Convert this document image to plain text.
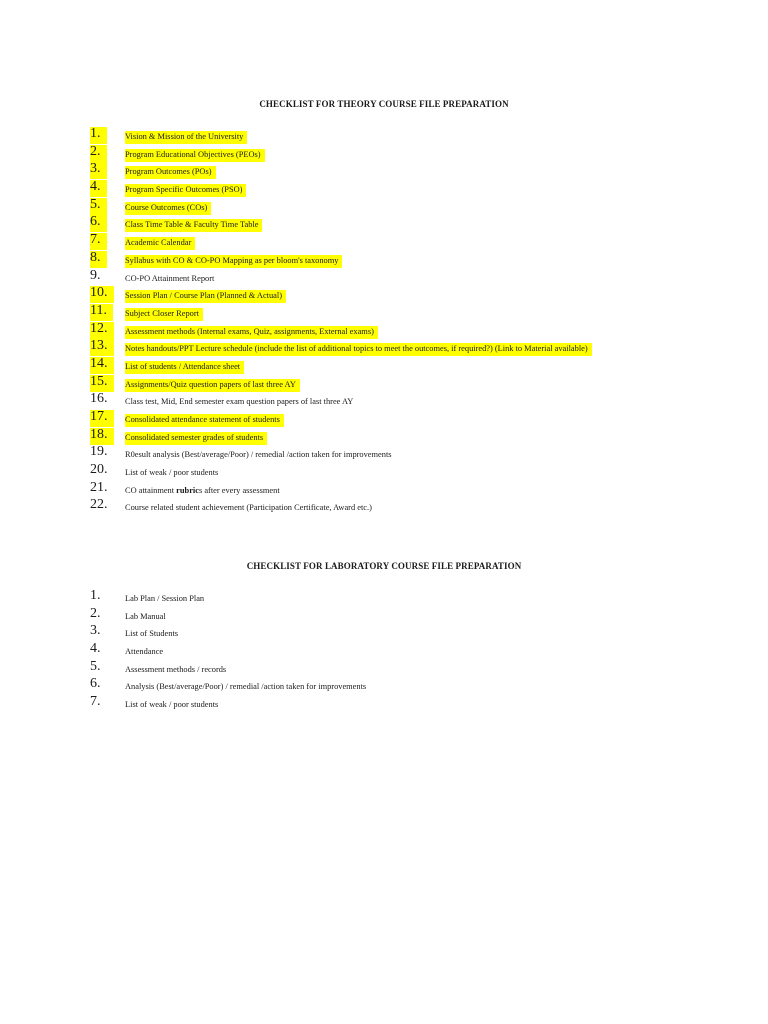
CHECKLIST FOR THEORY COURSE FILE PREPARATION
1.	Vision & Mission of the University
2.	Program Educational Objectives (PEOs)
3.	Program Outcomes (POs)
4.	Program Specific Outcomes (PSO)
5.	Course Outcomes (COs)
6.	Class Time Table & Faculty Time Table
7.	Academic Calendar
8.	Syllabus with CO & CO-PO Mapping as per bloom's taxonomy
9.	CO-PO Attainment Report
10.	Session Plan / Course Plan (Planned & Actual)
11.	Subject Closer Report
12.	Assessment methods (Internal exams, Quiz, assignments, External exams)
13.	Notes handouts/PPT Lecture schedule (include the list of additional topics to meet the outcomes, if required?) (Link to Material available)
14.	List of students / Attendance sheet
15.	Assignments/Quiz question papers of last three AY
16. Class test, Mid, End semester exam question papers of last three AY
17.	Consolidated attendance statement of students
18.	Consolidated semester grades of students
19. R0esult analysis (Best/average/Poor) / remedial /action taken for improvements
20. List of weak / poor students
21. CO attainment rubrics after every assessment
22. Course related student achievement (Participation Certificate, Award etc.)
CHECKLIST FOR LABORATORY COURSE FILE PREPARATION
1.	Lab Plan / Session Plan
2.	Lab Manual
3.	List of Students
4.	Attendance
5.	Assessment methods / records
6.	Analysis (Best/average/Poor) / remedial /action taken for improvements
7.	List of weak / poor students
